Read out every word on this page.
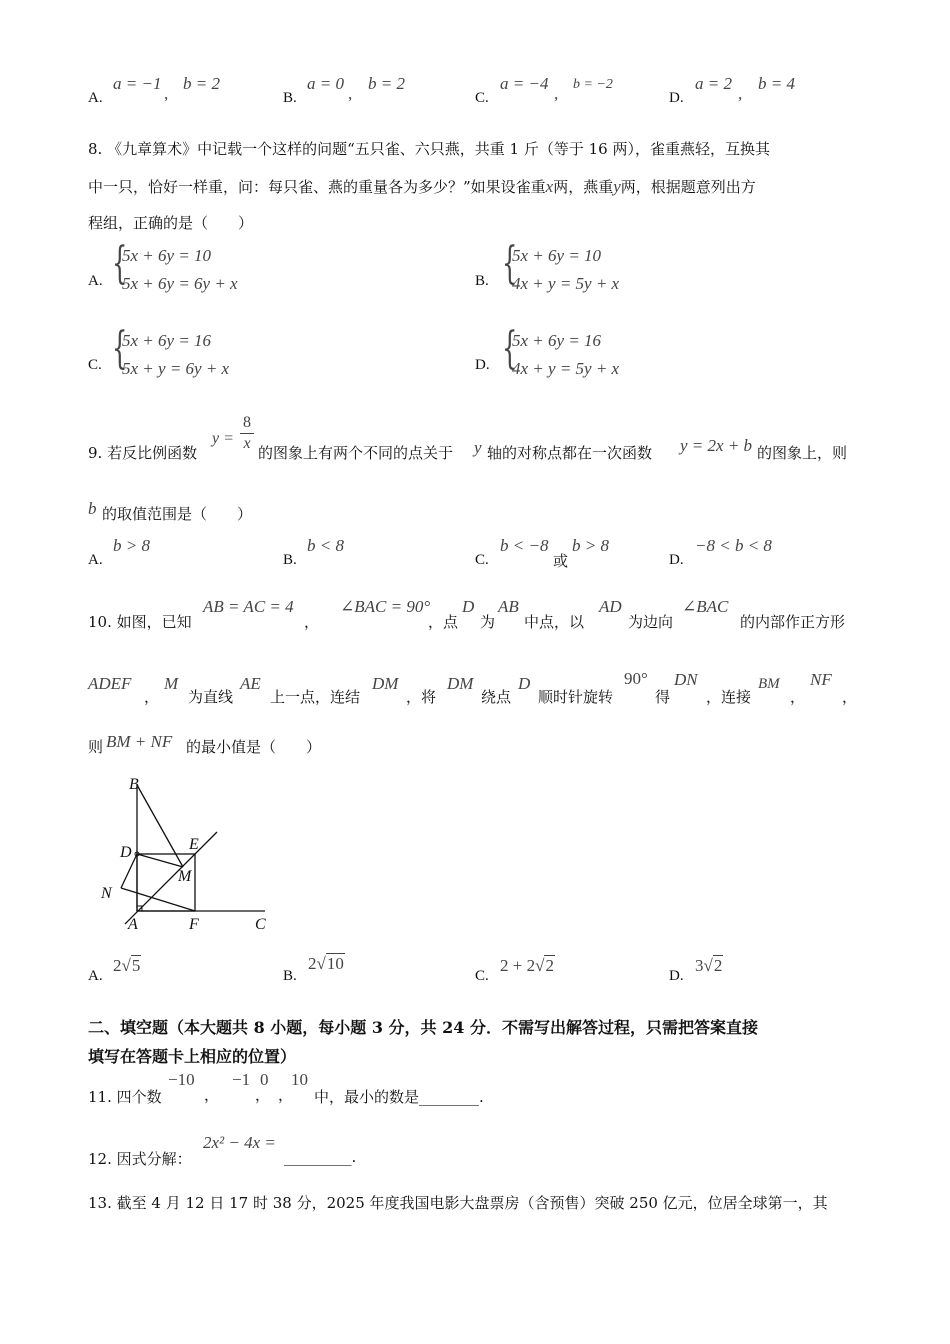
A.
a = −1
,
b = 2
B.
a = 0
,
b = 2
C.
a = −4
, b = −2
D.
a = 2
,
b = 4
8. 《九章算术》中记载一个这样的问题“五只雀、六只燕，共重 1 斤（等于 16 两），雀重燕轻，互换其
中一只，恰好一样重，问：每只雀、燕的重量各为多少？”如果设雀重x两，燕重y两，根据题意列出方
程组，正确的是（　　）
A. {
5x + 6y = 10
5x + 6y = 6y + x	B. {
5x + 6y = 10
4x + y = 5y + x
C. {
5x + 6y = 16
5x + y = 6y + x	D. {
5x + 6y = 16
4x + y = 5y + x
9. 若反比例函数
y =
8
x
的图象上有两个不同的点关于 y 轴的对称点都在一次函数 y = 2x + b 的图象上，则
b 的取值范围是（　　）
A.
b > 8
B.
b < 8
C.
b < −8
或
b > 8
D.
−8 < b < 8
10. 如图，已知
AB = AC = 4
，
∠BAC = 90°
，点
D
为
AB
中点，以
AD
为边向
∠BAC
的内部作正方形
ADEF
，
M
为直线
AE
上一点，连结
DM
，将
DM
绕点
D
顺时针旋转
90°
得
DN
，连接
BM
，
NF
，
则 BM + NF 的最小值是（　　）
B
D	E
M
N
A	F	C
A.
2√5
B.
2√10
C.
2 + 2√2
D.
3√2
二、填空题（本大题共 8 小题，每小题 3 分，共 24 分．不需写出解答过程，只需把答案直接
填写在答题卡上相应的位置）
11. 四个数
−10
，
−1
，
0
，
10
中，最小的数是________.
12. 因式分解：
2x² − 4x =
_________.
13. 截至 4 月 12 日 17 时 38 分，2025 年度我国电影大盘票房（含预售）突破 250 亿元，位居全球第一，其
